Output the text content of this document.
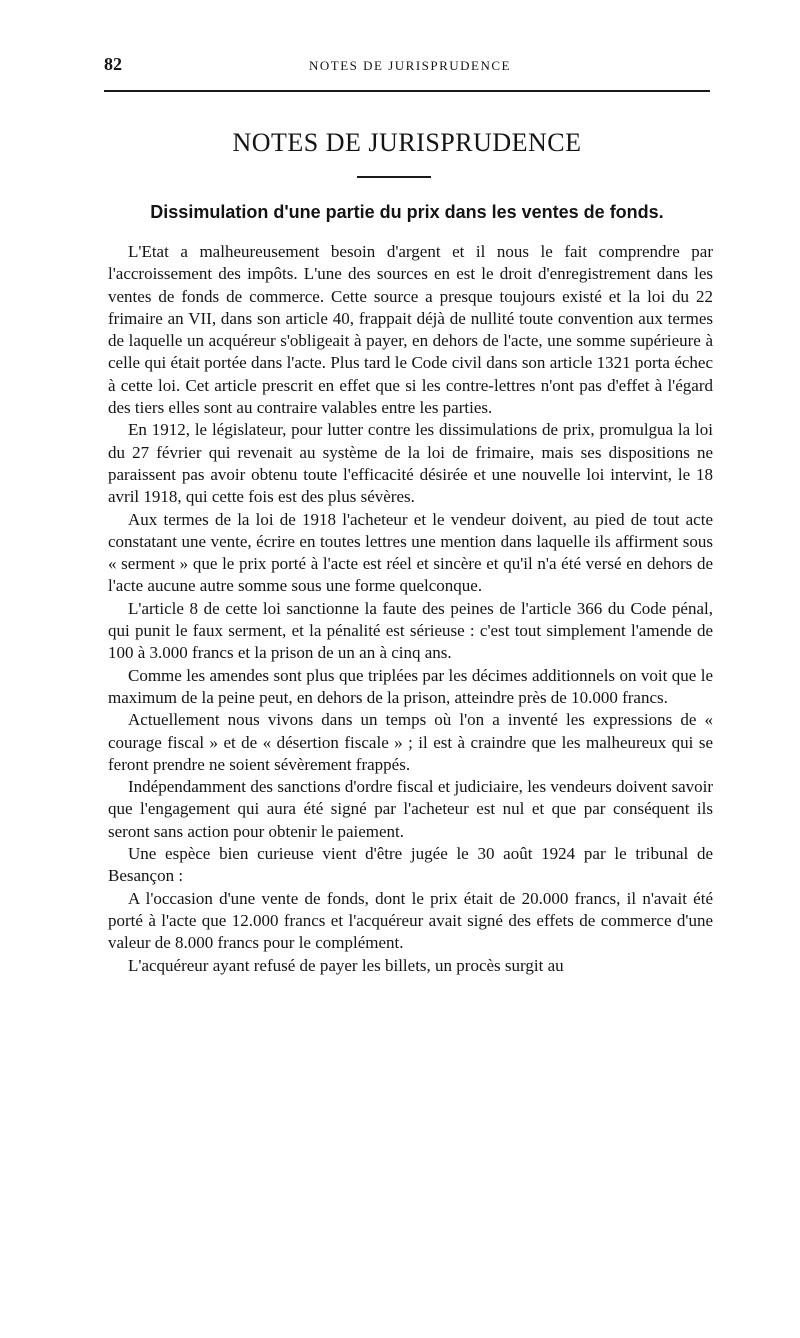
82	NOTES DE JURISPRUDENCE
NOTES DE JURISPRUDENCE
Dissimulation d'une partie du prix dans les ventes de fonds.

L'Etat a malheureusement besoin d'argent et il nous le fait comprendre par l'accroissement des impôts. L'une des sources en est le droit d'enregistrement dans les ventes de fonds de commerce. Cette source a presque toujours existé et la loi du 22 frimaire an VII, dans son article 40, frappait déjà de nullité toute convention aux termes de laquelle un acquéreur s'obligeait à payer, en dehors de l'acte, une somme supérieure à celle qui était portée dans l'acte. Plus tard le Code civil dans son article 1321 porta échec à cette loi. Cet article prescrit en effet que si les contre-lettres n'ont pas d'effet à l'égard des tiers elles sont au contraire valables entre les parties.

En 1912, le législateur, pour lutter contre les dissimulations de prix, promulgua la loi du 27 février qui revenait au système de la loi de frimaire, mais ses dispositions ne paraissent pas avoir obtenu toute l'efficacité désirée et une nouvelle loi intervint, le 18 avril 1918, qui cette fois est des plus sévères.

Aux termes de la loi de 1918 l'acheteur et le vendeur doivent, au pied de tout acte constatant une vente, écrire en toutes lettres une mention dans laquelle ils affirment sous « serment » que le prix porté à l'acte est réel et sincère et qu'il n'a été versé en dehors de l'acte aucune autre somme sous une forme quelconque.

L'article 8 de cette loi sanctionne la faute des peines de l'article 366 du Code pénal, qui punit le faux serment, et la pénalité est sérieuse : c'est tout simplement l'amende de 100 à 3.000 francs et la prison de un an à cinq ans.

Comme les amendes sont plus que triplées par les décimes additionnels on voit que le maximum de la peine peut, en dehors de la prison, atteindre près de 10.000 francs.

Actuellement nous vivons dans un temps où l'on a inventé les expressions de « courage fiscal » et de « désertion fiscale » ; il est à craindre que les malheureux qui se feront prendre ne soient sévèrement frappés.

Indépendamment des sanctions d'ordre fiscal et judiciaire, les vendeurs doivent savoir que l'engagement qui aura été signé par l'acheteur est nul et que par conséquent ils seront sans action pour obtenir le paiement.

Une espèce bien curieuse vient d'être jugée le 30 août 1924 par le tribunal de Besançon :

A l'occasion d'une vente de fonds, dont le prix était de 20.000 francs, il n'avait été porté à l'acte que 12.000 francs et l'acquéreur avait signé des effets de commerce d'une valeur de 8.000 francs pour le complément.

L'acquéreur ayant refusé de payer les billets, un procès surgit au
